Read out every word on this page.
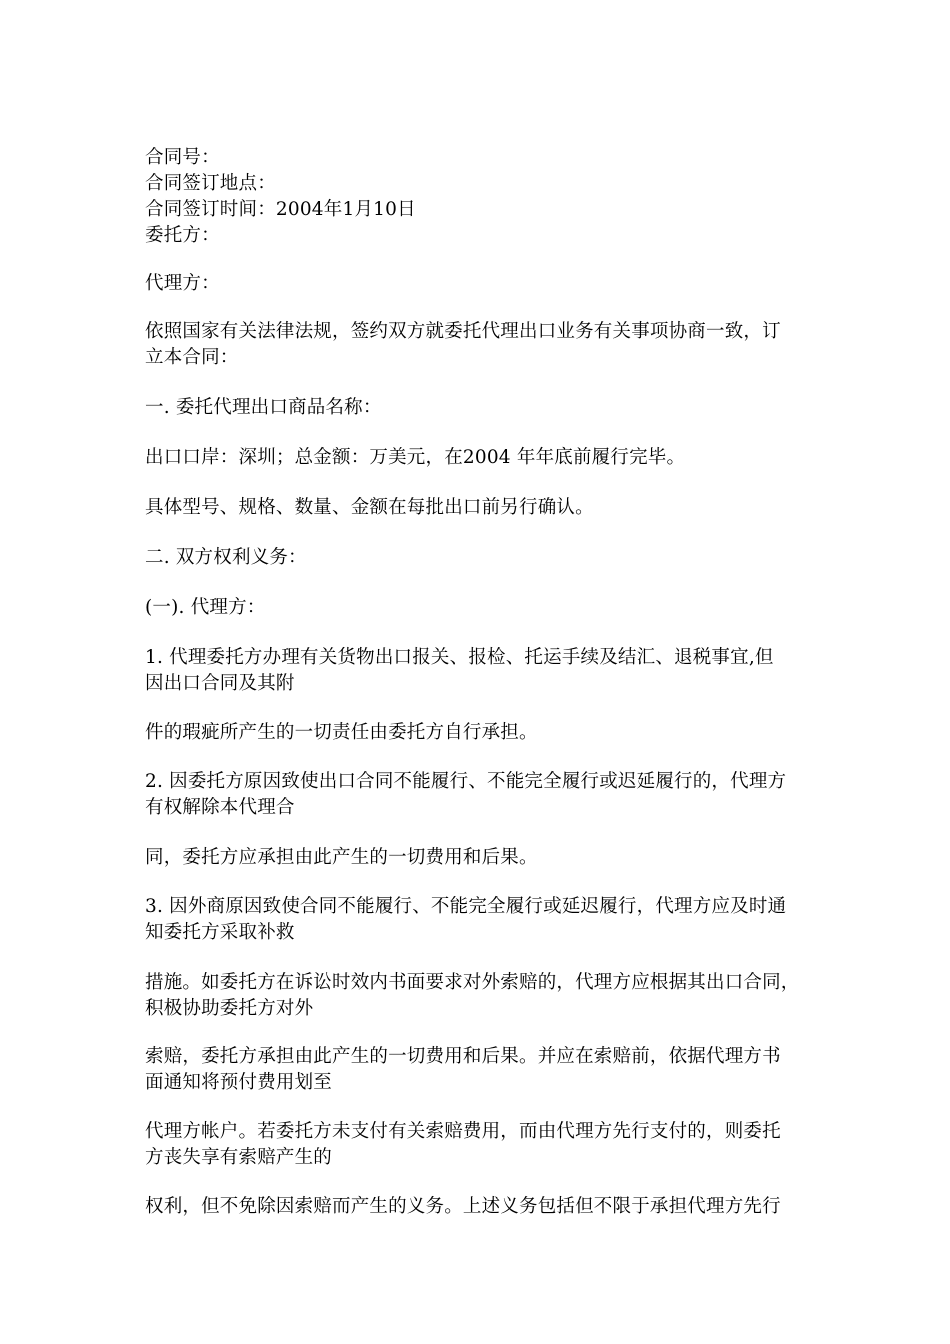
合同号：
合同签订地点：
合同签订时间：2004年1月10日
委托方：
代理方：
依照国家有关法律法规，签约双方就委托代理出口业务有关事项协商一致，订
立本合同：
一. 委托代理出口商品名称：
出口口岸：深圳；总金额：万美元，在2004 年年底前履行完毕。
具体型号、规格、数量、金额在每批出口前另行确认。
二. 双方权利义务：
(一). 代理方：
1. 代理委托方办理有关货物出口报关、报检、托运手续及结汇、退税事宜,但
因出口合同及其附
件的瑕疵所产生的一切责任由委托方自行承担。
2. 因委托方原因致使出口合同不能履行、不能完全履行或迟延履行的，代理方
有权解除本代理合
同，委托方应承担由此产生的一切费用和后果。
3. 因外商原因致使合同不能履行、不能完全履行或延迟履行，代理方应及时通
知委托方采取补救
措施。如委托方在诉讼时效内书面要求对外索赔的，代理方应根据其出口合同，
积极协助委托方对外
索赔，委托方承担由此产生的一切费用和后果。并应在索赔前，依据代理方书
面通知将预付费用划至
代理方帐户。若委托方未支付有关索赔费用，而由代理方先行支付的，则委托
方丧失享有索赔产生的
权利，但不免除因索赔而产生的义务。上述义务包括但不限于承担代理方先行
